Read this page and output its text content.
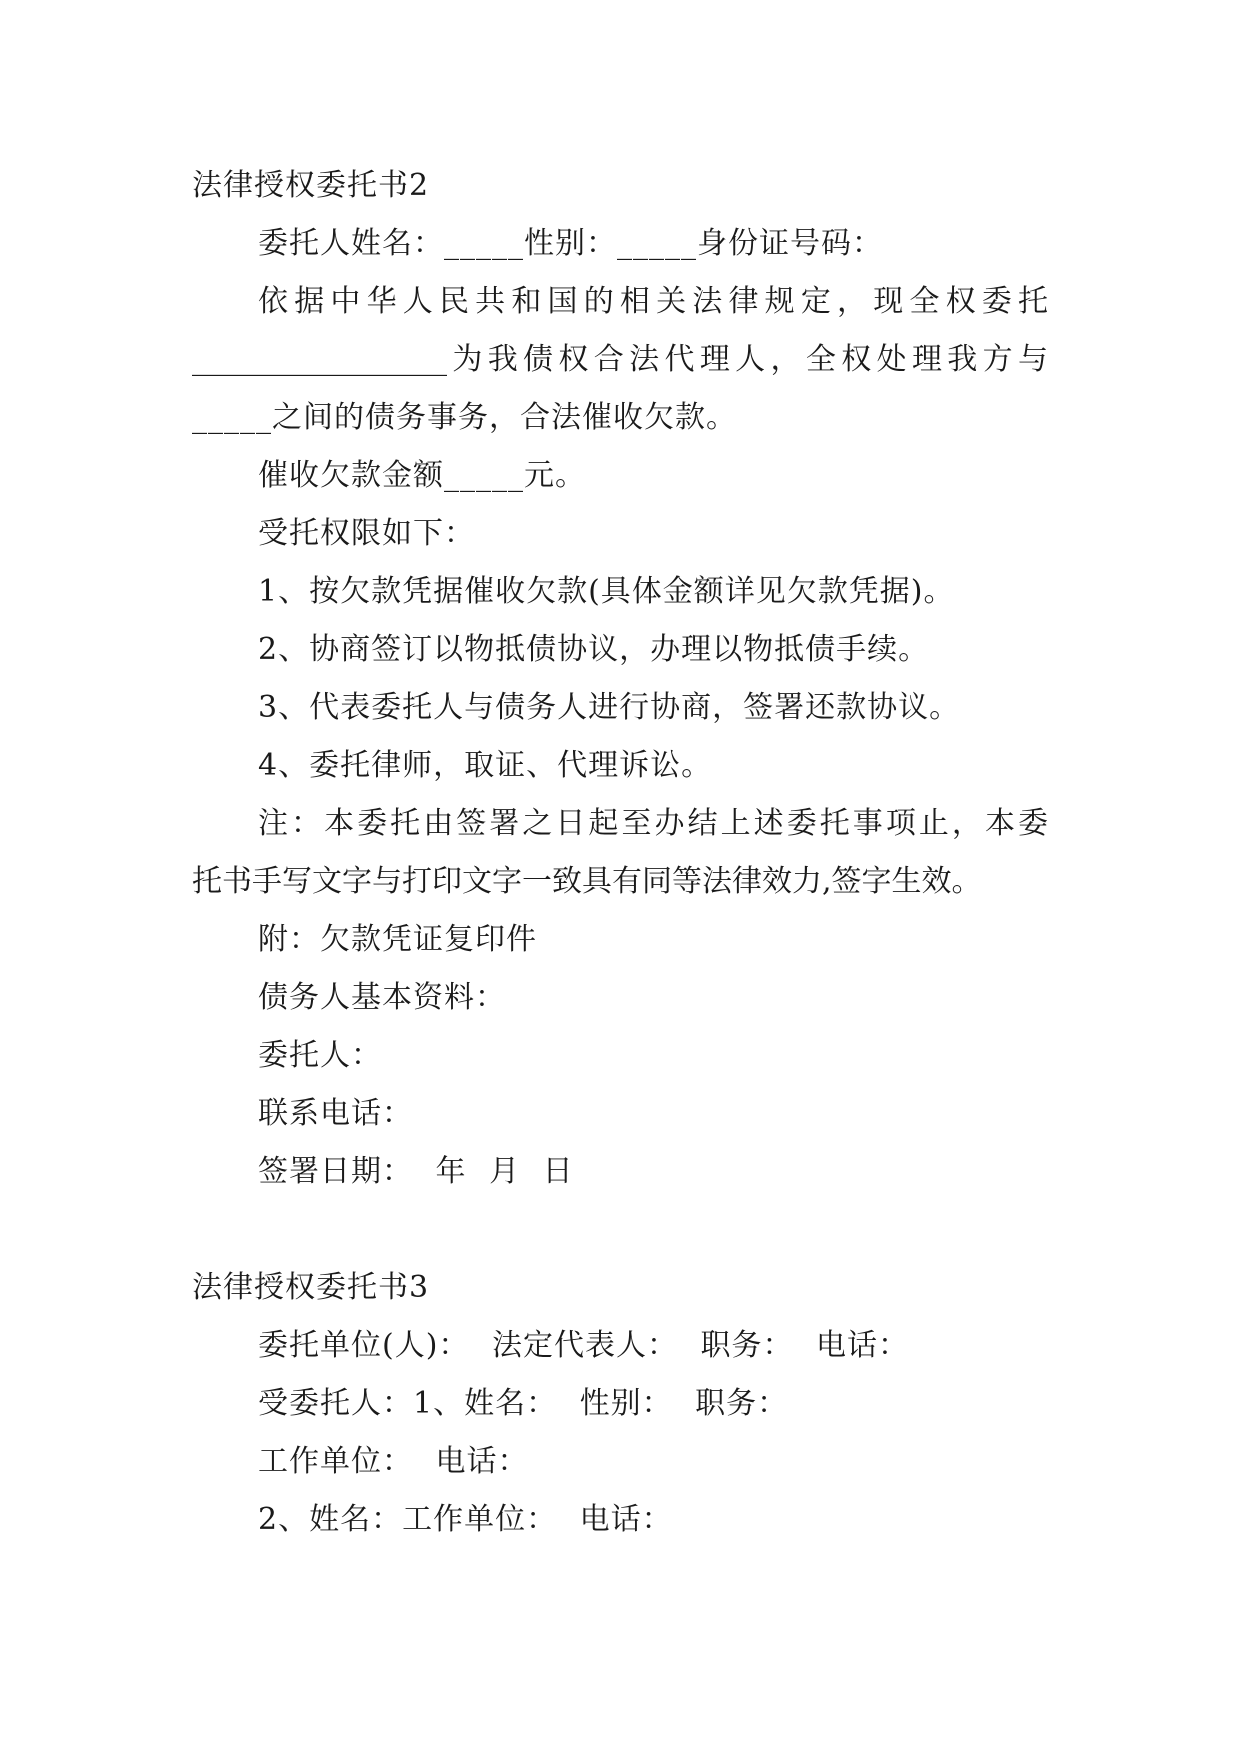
法律授权委托书2
委托人姓名：_____性别：_____身份证号码：
依据中华人民共和国的相关法律规定，现全权委托
_________________为我债权合法代理人，全权处理我方与
_____之间的债务事务，合法催收欠款。
催收欠款金额_____元。
受托权限如下：
1、按欠款凭据催收欠款(具体金额详见欠款凭据)。
2、协商签订以物抵债协议，办理以物抵债手续。
3、代表委托人与债务人进行协商，签署还款协议。
4、委托律师，取证、代理诉讼。
注：本委托由签署之日起至办结上述委托事项止，本委
托书手写文字与打印文字一致具有同等法律效力,签字生效。
附：欠款凭证复印件
债务人基本资料：
委托人：
联系电话：
签署日期： 年 月 日
法律授权委托书3
委托单位(人)： 法定代表人： 职务： 电话：
受委托人：1、姓名： 性别： 职务：
工作单位： 电话：
2、姓名：工作单位： 电话：
